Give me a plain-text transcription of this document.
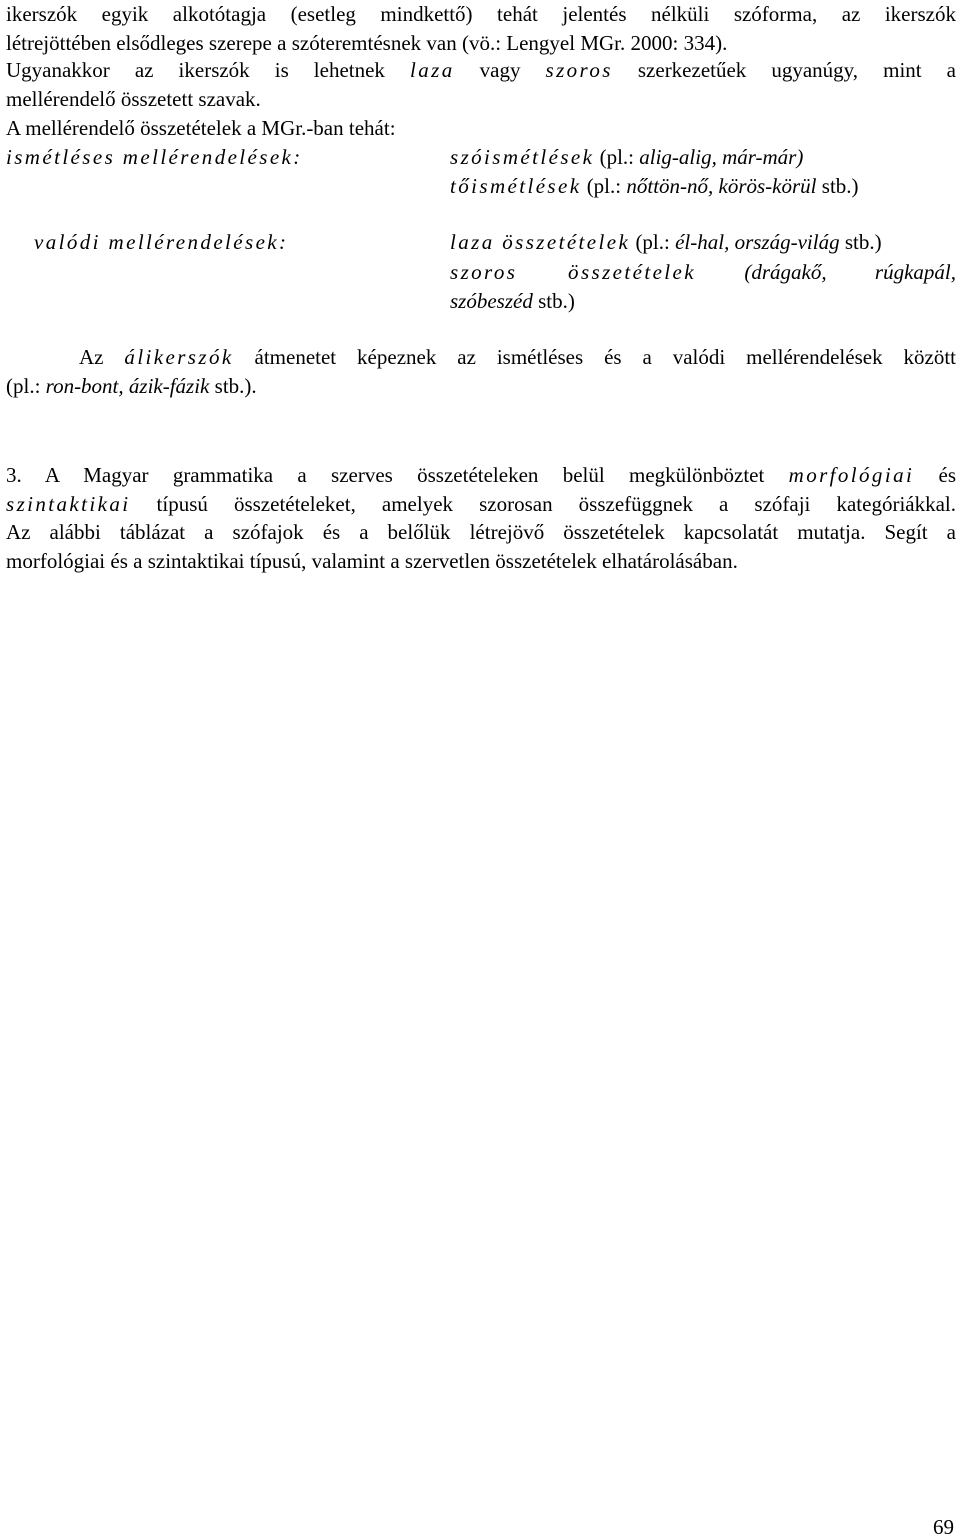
ikerszók egyik alkotótagja (esetleg mindkettő) tehát jelentés nélküli szóforma, az ikerszók
létrejöttében elsődleges szerepe a szóteremtésnek van (vö.: Lengyel MGr. 2000: 334).
Ugyanakkor az ikerszók is lehetnek laza vagy szoros szerkezetűek ugyanúgy, mint a
mellérendelő összetett szavak.
A mellérendelő összetételek a MGr.-ban tehát:
ismétléses mellérendelések:	szóismétlések (pl.: alig-alig, már-már)
tőismétlések (pl.: nőttön-nő, körös-körül stb.)
valódi mellérendelések:	laza összetételek (pl.: él-hal, ország-világ stb.)
szoros összetételek (drágakő, rúgkapál,
szóbeszéd stb.)
Az álikerszók átmenetet képeznek az ismétléses és a valódi mellérendelések között
(pl.: ron-bont, ázik-fázik stb.).
3. A Magyar grammatika a szerves összetételeken belül megkülönböztet morfológiai és
szintaktikai típusú összetételeket, amelyek szorosan összefüggnek a szófaji kategóriákkal.
Az alábbi táblázat a szófajok és a belőlük létrejövő összetételek kapcsolatát mutatja. Segít a
morfológiai és a szintaktikai típusú, valamint a szervetlen összetételek elhatárolásában.
69
